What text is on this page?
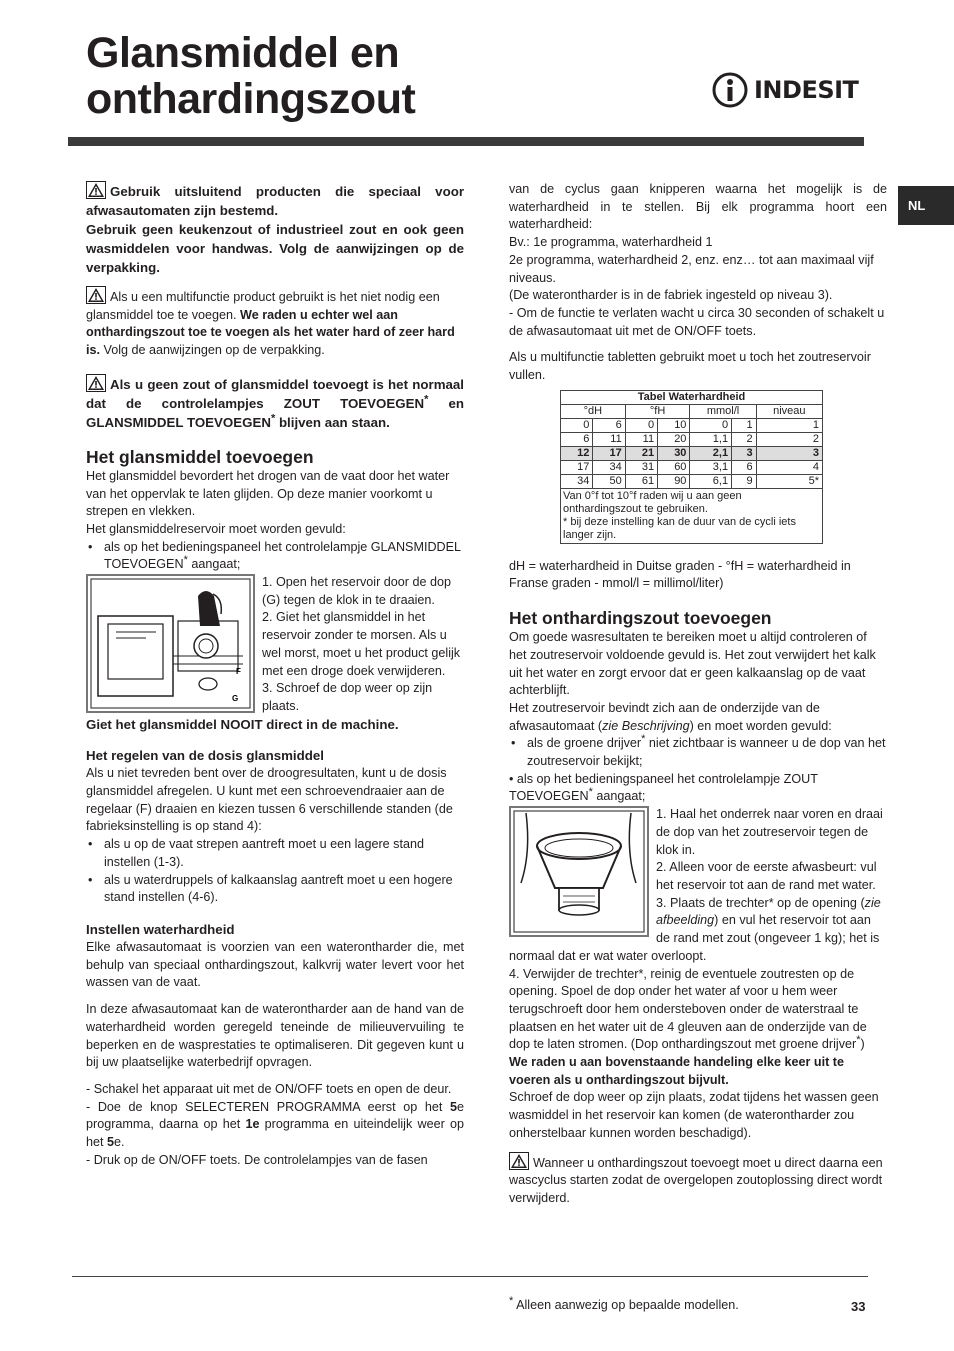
Glansmiddel en
onthardingszout	INDESIT
NL

Gebruik uitsluitend producten die speciaal voor afwasautomaten zijn bestemd.
Gebruik geen keukenzout of industrieel zout en ook geen wasmiddelen voor handwas. Volg de aanwijzingen op de verpakking.

Als u een multifunctie product gebruikt is het niet nodig een glansmiddel toe te voegen. We raden u echter wel aan onthardingszout toe te voegen als het water hard of zeer hard is. Volg de aanwijzingen op de verpakking.

Als u geen zout of glansmiddel toevoegt is het normaal dat de controlelampjes ZOUT TOEVOEGEN* en GLANSMIDDEL TOEVOEGEN* blijven aan staan.

Het glansmiddel toevoegen

Het glansmiddel bevordert het drogen van de vaat door het water van het oppervlak te laten glijden. Op deze manier voorkomt u strepen en vlekken.

Het glansmiddelreservoir moet worden gevuld:

• als op het bedieningspaneel het controlelampje GLANSMIDDEL TOEVOEGEN* aangaat;

F
G

1. Open het reservoir door de dop (G) tegen de klok in te draaien.

2. Giet het glansmiddel in het reservoir zonder te morsen. Als u wel morst, moet u het product gelijk met een droge doek verwijderen.

3. Schroef de dop weer op zijn plaats.

Giet het glansmiddel NOOIT direct in de machine.

Het regelen van de dosis glansmiddel

Als u niet tevreden bent over de droogresultaten, kunt u de dosis glansmiddel afregelen. U kunt met een schroevendraaier aan de regelaar (F) draaien en kiezen tussen 6 verschillende standen (de fabrieksinstelling is op stand 4):

• als u op de vaat strepen aantreft moet u een lagere stand instellen (1-3).

• als u waterdruppels of kalkaanslag aantreft moet u een hogere stand instellen (4-6).

Instellen waterhardheid

Elke afwasautomaat is voorzien van een waterontharder die, met behulp van speciaal onthardingszout, kalkvrij water levert voor het wassen van de vaat.

In deze afwasautomaat kan de waterontharder aan de hand van de waterhardheid worden geregeld teneinde de milieuvervuiling te beperken en de wasprestaties te optimaliseren. Dit gegeven kunt u bij uw plaatselijke waterbedrijf opvragen.

- Schakel het apparaat uit met de ON/OFF toets en open de deur.

- Doe de knop SELECTEREN PROGRAMMA eerst op het 5e programma, daarna op het 1e programma en uiteindelijk weer op het 5e.

- Druk op de ON/OFF toets. De controlelampjes van de fasen

van de cyclus gaan knipperen waarna het mogelijk is de waterhardheid in te stellen. Bij elk programma hoort een waterhardheid:

Bv.: 1e programma, waterhardheid 1

2e programma, waterhardheid 2, enz. enz… tot aan maximaal vijf niveaus.

(De waterontharder is in de fabriek ingesteld op niveau 3).

- Om de functie te verlaten wacht u circa 30 seconden of schakelt u de afwasautomaat uit met de ON/OFF toets.

Als u multifunctie tabletten gebruikt moet u toch het zoutreservoir vullen.

Tabel Waterhardheid						
°dH		°fH		mmol/l		niveau
0	6	0	10	0	1	1
6	11	11	20	1,1	2	2
12	17	21	30	2,1	3	3
17	34	31	60	3,1	6	4
34	50	61	90	6,1	9	5*
Van 0°f tot 10°f raden wij u aan geen onthardingszout te gebruiken.
* bij deze instelling kan de duur van de cycli iets langer zijn.						

dH = waterhardheid in Duitse graden - °fH = waterhardheid in Franse graden - mmol/l = millimol/liter)

Het onthardingszout toevoegen

Om goede wasresultaten te bereiken moet u altijd controleren of het zoutreservoir voldoende gevuld is. Het zout verwijdert het kalk uit het water en zorgt ervoor dat er geen kalkaanslag op de vaat achterblijft.

Het zoutreservoir bevindt zich aan de onderzijde van de afwasautomaat (zie Beschrijving) en moet worden gevuld:

• als de groene drijver* niet zichtbaar is wanneer u de dop van het zoutreservoir bekijkt;

• als op het bedieningspaneel het controlelampje ZOUT TOEVOEGEN* aangaat;

1. Haal het onderrek naar voren en draai de dop van het zoutreservoir tegen de klok in.

2. Alleen voor de eerste afwasbeurt: vul het reservoir tot aan de rand met water.

3. Plaats de trechter* op de opening (zie afbeelding) en vul het reservoir tot aan de rand met zout (ongeveer 1 kg); het is normaal dat er wat water overloopt.

4. Verwijder de trechter*, reinig de eventuele zoutresten op de opening. Spoel de dop onder het water af voor u hem weer terugschroeft door hem ondersteboven onder de waterstraal te plaatsen en het water uit de 4 gleuven aan de onderzijde van de dop te laten stromen. (Dop onthardingszout met groene drijver*)

We raden u aan bovenstaande handeling elke keer uit te voeren als u onthardingszout bijvult.

Schroef de dop weer op zijn plaats, zodat tijdens het wassen geen wasmiddel in het reservoir kan komen (de waterontharder zou onherstelbaar kunnen worden beschadigd).

Wanneer u onthardingszout toevoegt moet u direct daarna een wascyclus starten zodat de overgelopen zoutoplossing direct wordt verwijderd.

* Alleen aanwezig op bepaalde modellen.	33
